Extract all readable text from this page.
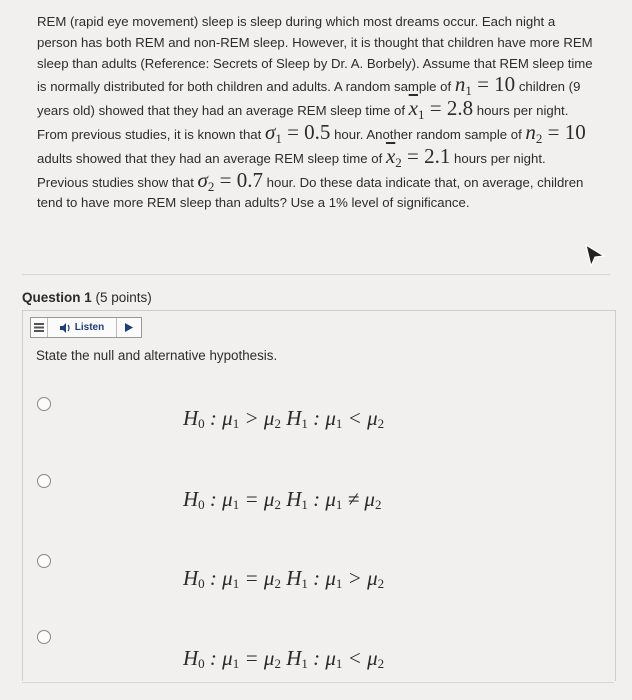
REM (rapid eye movement) sleep is sleep during which most dreams occur. Each night a person has both REM and non-REM sleep. However, it is thought that children have more REM sleep than adults (Reference: Secrets of Sleep by Dr. A. Borbely). Assume that REM sleep time is normally distributed for both children and adults. A random sample of n1 = 10 children (9 years old) showed that they had an average REM sleep time of $\overline{x}1 = 2.8$ hours per night. From previous studies, it is known that σ1 = 0.5 hour. Another random sample of n2 = 10 adults showed that they had an average REM sleep time of $\overline{x}2 = 2.1$ hours per night. Previous studies show that σ2 = 0.7 hour. Do these data indicate that, on average, children tend to have more REM sleep than adults? Use a 1% level of significance.
Question 1 (5 points)
Listen
State the null and alternative hypothesis.
$H_0$ : $\mu_1 > \mu_2$ $H_1$ : $\mu_1 < \mu_2$
$H_0$ : $\mu_1 = \mu_2$ $H_1$ : $\mu_1 \ne \mu_2$
$H_0$ : $\mu_1 = \mu_2$ $H_1$ : $\mu_1 > \mu_2$
$H_0$ : $\mu_1 = \mu_2$ $H_1$ : $\mu_1 < \mu_2$
